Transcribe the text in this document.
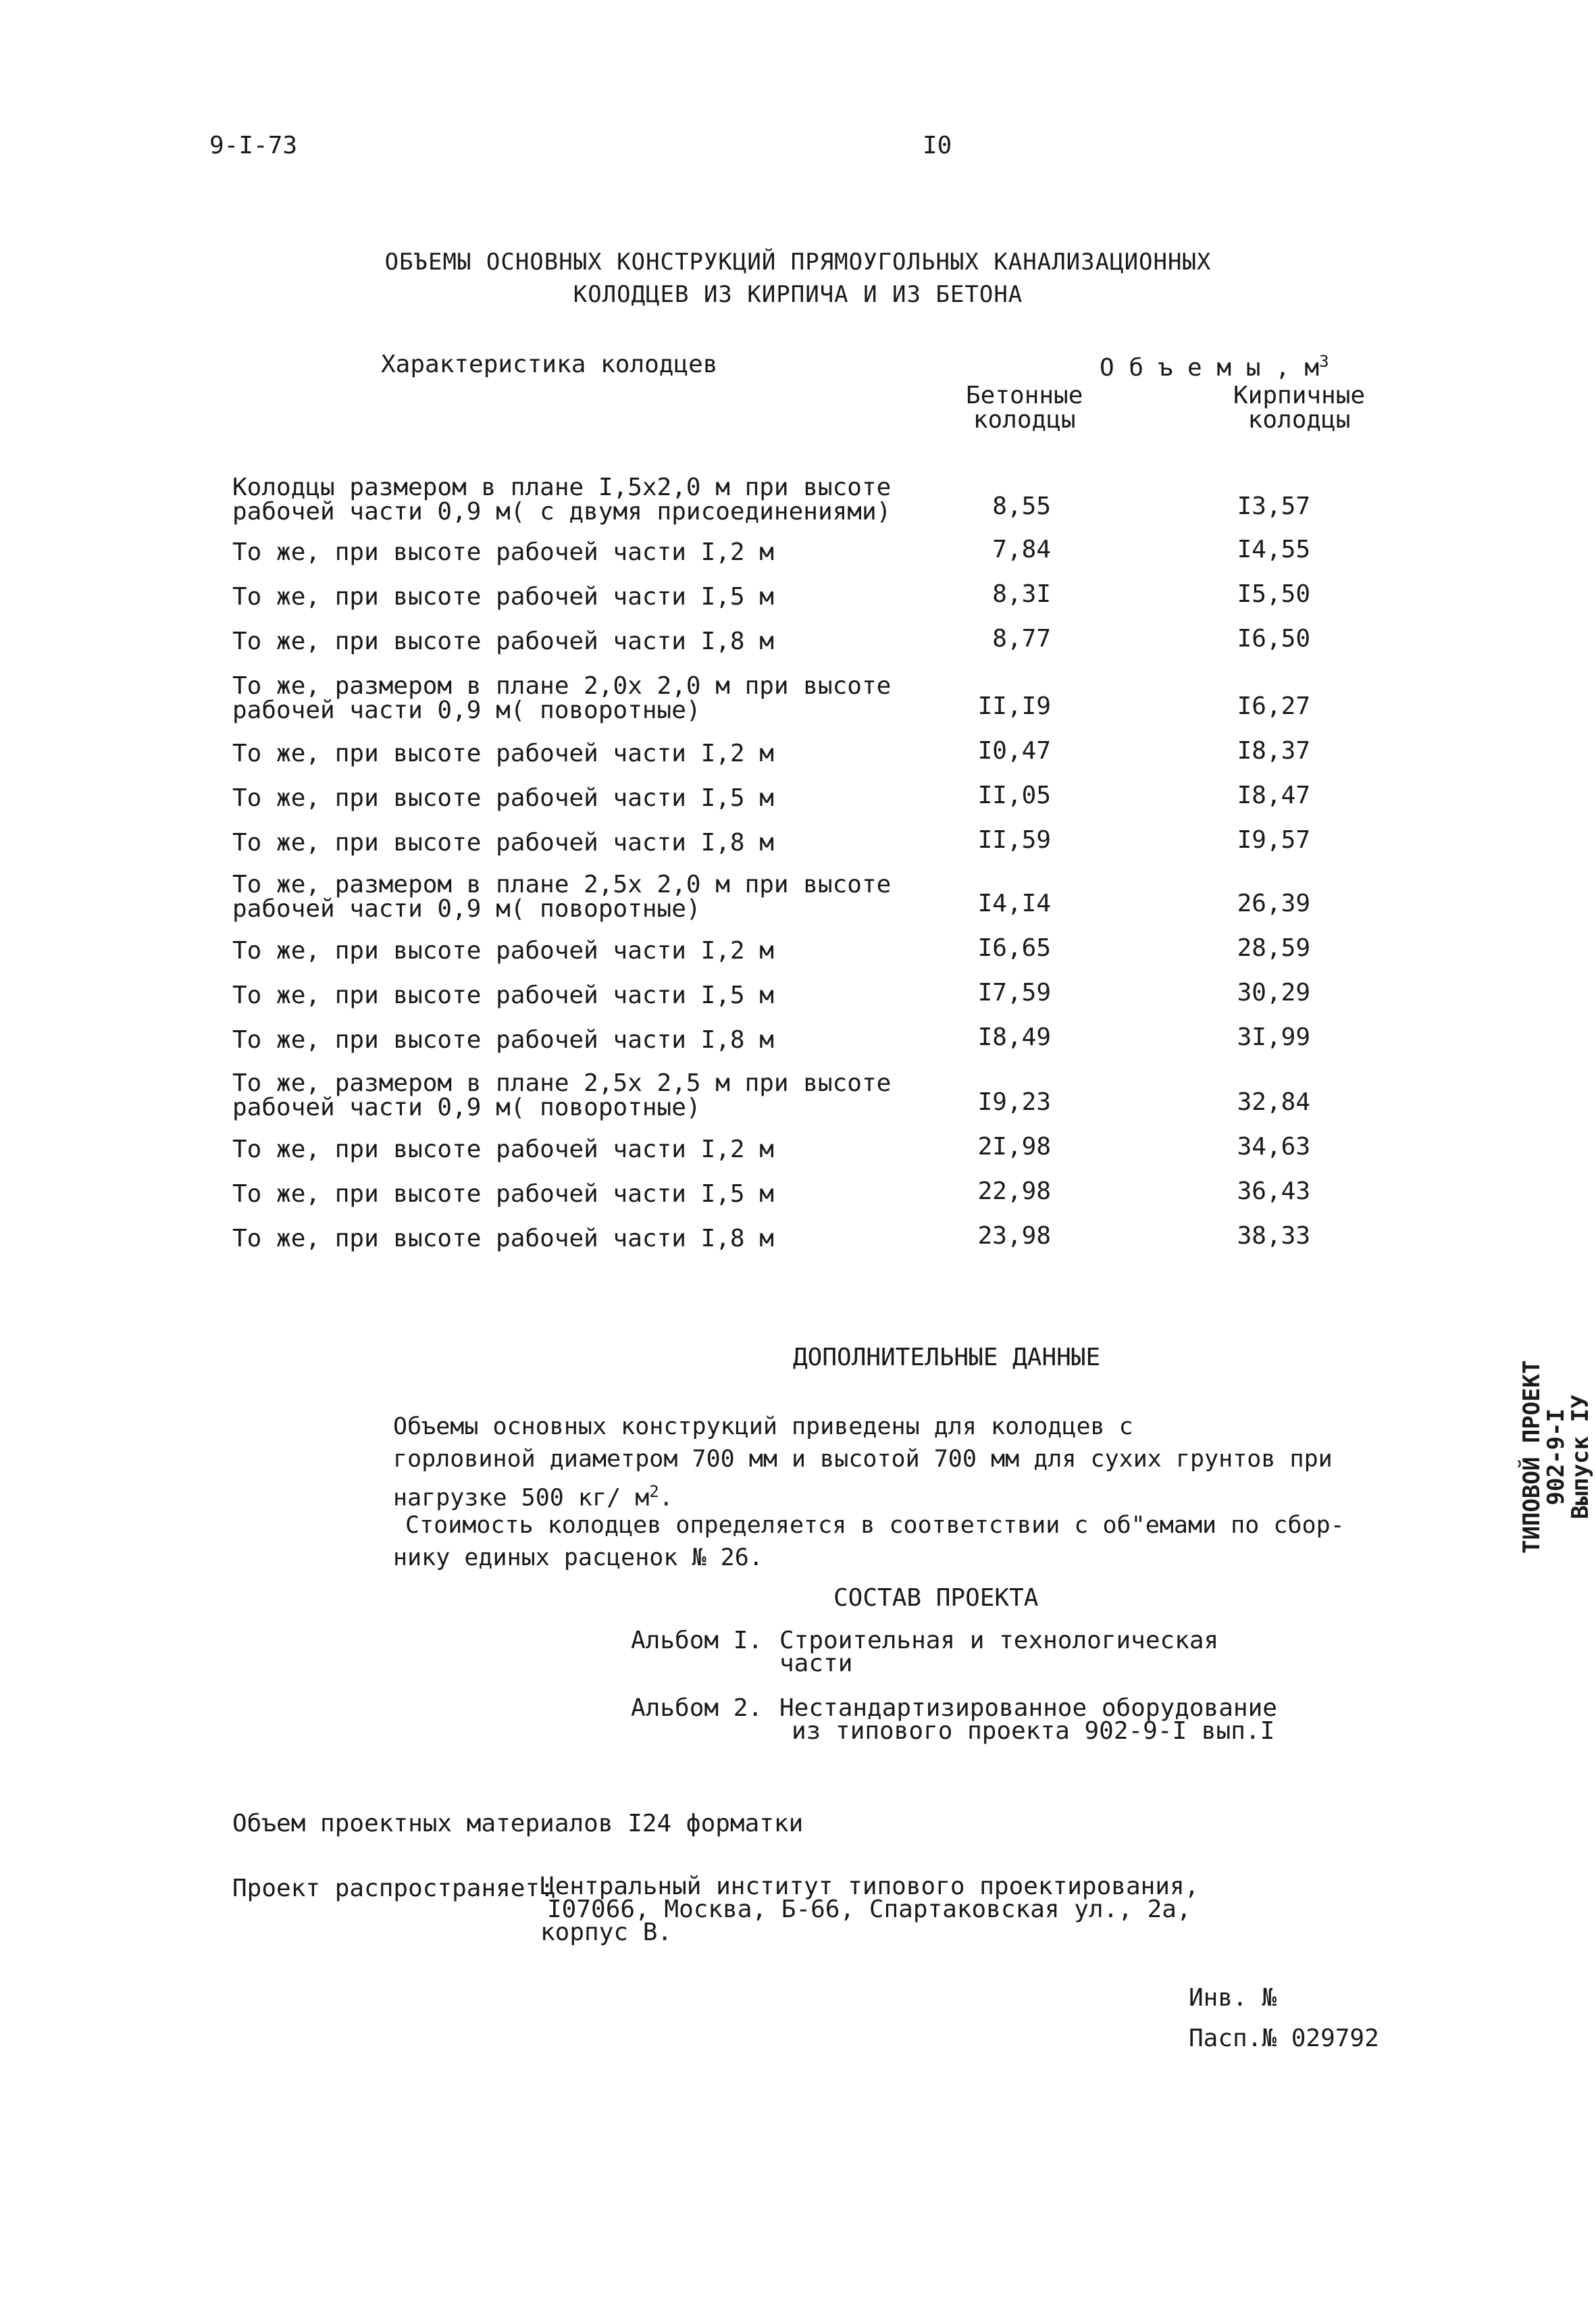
9-I-73	I0
ОБЪЕМЫ ОСНОВНЫХ КОНСТРУКЦИЙ ПРЯМОУГОЛЬНЫХ КАНАЛИЗАЦИОННЫХ
КОЛОДЦЕВ ИЗ КИРПИЧА И ИЗ БЕТОНА
Характеристика колодцев	О б ъ е м ы , $м^3$
Бетонные
колодцы
Кирпичные
колодцы
Колодцы размером в плане I,5x2,0 м при высоте
рабочей части 0,9 м( с двумя присоединениями)	8,55	I3,57
То же, при высоте рабочей части I,2 м	7,84	I4,55
То же, при высоте рабочей части I,5 м	8,3I	I5,50
То же, при высоте рабочей части I,8 м	8,77	I6,50
То же, размером в плане 2,0x 2,0 м при высоте
рабочей части 0,9 м( поворотные)	II,I9	I6,27
То же, при высоте рабочей части I,2 м	I0,47	I8,37
То же, при высоте рабочей части I,5 м	II,05	I8,47
То же, при высоте рабочей части I,8 м	II,59	I9,57
То же, размером в плане 2,5x 2,0 м при высоте
рабочей части 0,9 м( поворотные)	I4,I4	26,39
То же, при высоте рабочей части I,2 м	I6,65	28,59
То же, при высоте рабочей части I,5 м	I7,59	30,29
То же, при высоте рабочей части I,8 м	I8,49	3I,99
То же, размером в плане 2,5x 2,5 м при высоте
рабочей части 0,9 м( поворотные)	I9,23	32,84
То же, при высоте рабочей части I,2 м	2I,98	34,63
То же, при высоте рабочей части I,5 м	22,98	36,43
То же, при высоте рабочей части I,8 м	23,98	38,33
ДОПОЛНИТЕЛЬНЫЕ ДАННЫЕ
Объемы основных конструкций приведены для колодцев с
горловиной диаметром 700 мм и высотой 700 мм для сухих грунтов при
нагрузке 500 кг/ $м^2$.
Стоимость колодцев определяется в соответствии с об"емами по сбор-
нику единых расценок № 26.
СОСТАВ ПРОЕКТА
Альбом I. Строительная и технологическая
части
Альбом 2. Нестандартизированное оборудование
из типового проекта 902-9-I вып.I
Объем проектных материалов I24 форматки
Проект распространяет:
Центральный институт типового проектирования,
I07066, Москва, Б-66, Спартаковская ул., 2а,
корпус В.
Инв. №
Пасп.№ 029792
ТИПОВОЙ ПРОЕКТ
902-9-I
Выпуск IУ
